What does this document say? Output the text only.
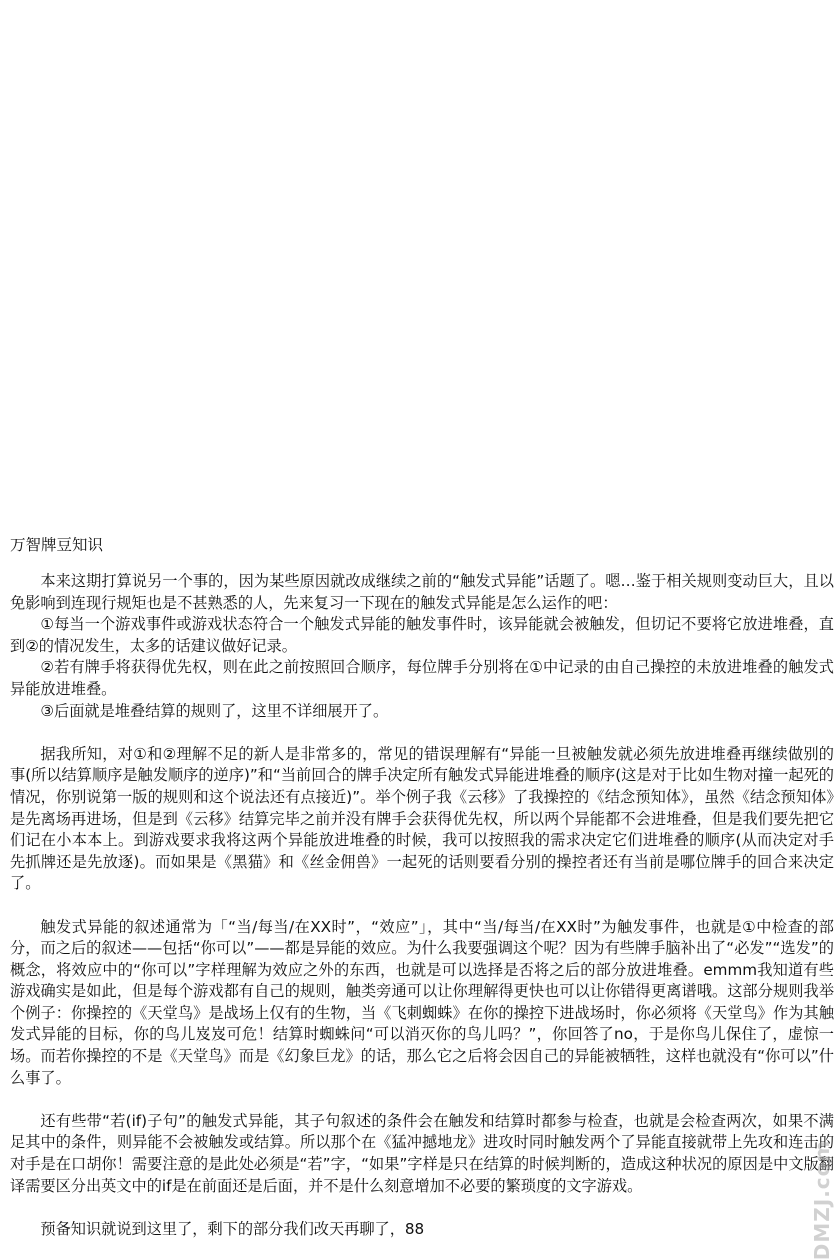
万智牌豆知识

本来这期打算说另一个事的，因为某些原因就改成继续之前的“触发式异能”话题了。嗯…鉴于相关规则变动巨大，且以免影响到连现行规矩也是不甚熟悉的人，先来复习一下现在的触发式异能是怎么运作的吧：

①每当一个游戏事件或游戏状态符合一个触发式异能的触发事件时，该异能就会被触发，但切记不要将它放进堆叠，直到②的情况发生，太多的话建议做好记录。

②若有牌手将获得优先权，则在此之前按照回合顺序，每位牌手分别将在①中记录的由自己操控的未放进堆叠的触发式异能放进堆叠。

③后面就是堆叠结算的规则了，这里不详细展开了。

据我所知，对①和②理解不足的新人是非常多的，常见的错误理解有“异能一旦被触发就必须先放进堆叠再继续做别的事(所以结算顺序是触发顺序的逆序)”和“当前回合的牌手决定所有触发式异能进堆叠的顺序(这是对于比如生物对撞一起死的情况，你别说第一版的规则和这个说法还有点接近)”。举个例子我《云移》了我操控的《结念预知体》，虽然《结念预知体》是先离场再进场，但是到《云移》结算完毕之前并没有牌手会获得优先权，所以两个异能都不会进堆叠，但是我们要先把它们记在小本本上。到游戏要求我将这两个异能放进堆叠的时候，我可以按照我的需求决定它们进堆叠的顺序(从而决定对手先抓牌还是先放逐)。而如果是《黑猫》和《丝金佣兽》一起死的话则要看分别的操控者还有当前是哪位牌手的回合来决定了。

触发式异能的叙述通常为「“当/每当/在XX时”，“效应”」，其中“当/每当/在XX时”为触发事件，也就是①中检查的部分，而之后的叙述——包括“你可以”——都是异能的效应。为什么我要强调这个呢？因为有些牌手脑补出了“必发”“选发”的概念，将效应中的“你可以”字样理解为效应之外的东西，也就是可以选择是否将之后的部分放进堆叠。emmm我知道有些游戏确实是如此，但是每个游戏都有自己的规则，触类旁通可以让你理解得更快也可以让你错得更离谱哦。这部分规则我举个例子：你操控的《天堂鸟》是战场上仅有的生物，当《飞刺蜘蛛》在你的操控下进战场时，你必须将《天堂鸟》作为其触发式异能的目标，你的鸟儿岌岌可危！结算时蜘蛛问“可以消灭你的鸟儿吗？”，你回答了no，于是你鸟儿保住了，虚惊一场。而若你操控的不是《天堂鸟》而是《幻象巨龙》的话，那么它之后将会因自己的异能被牺牲，这样也就没有“你可以”什么事了。

还有些带“若(if)子句”的触发式异能，其子句叙述的条件会在触发和结算时都参与检查，也就是会检查两次，如果不满足其中的条件，则异能不会被触发或结算。所以那个在《猛冲撼地龙》进攻时同时触发两个了异能直接就带上先攻和连击的对手是在口胡你！需要注意的是此处必须是“若”字，“如果”字样是只在结算的时候判断的，造成这种状况的原因是中文版翻译需要区分出英文中的if是在前面还是后面，并不是什么刻意增加不必要的繁琐度的文字游戏。

预备知识就说到这里了，剩下的部分我们改天再聊了，88	DMZJ.com
